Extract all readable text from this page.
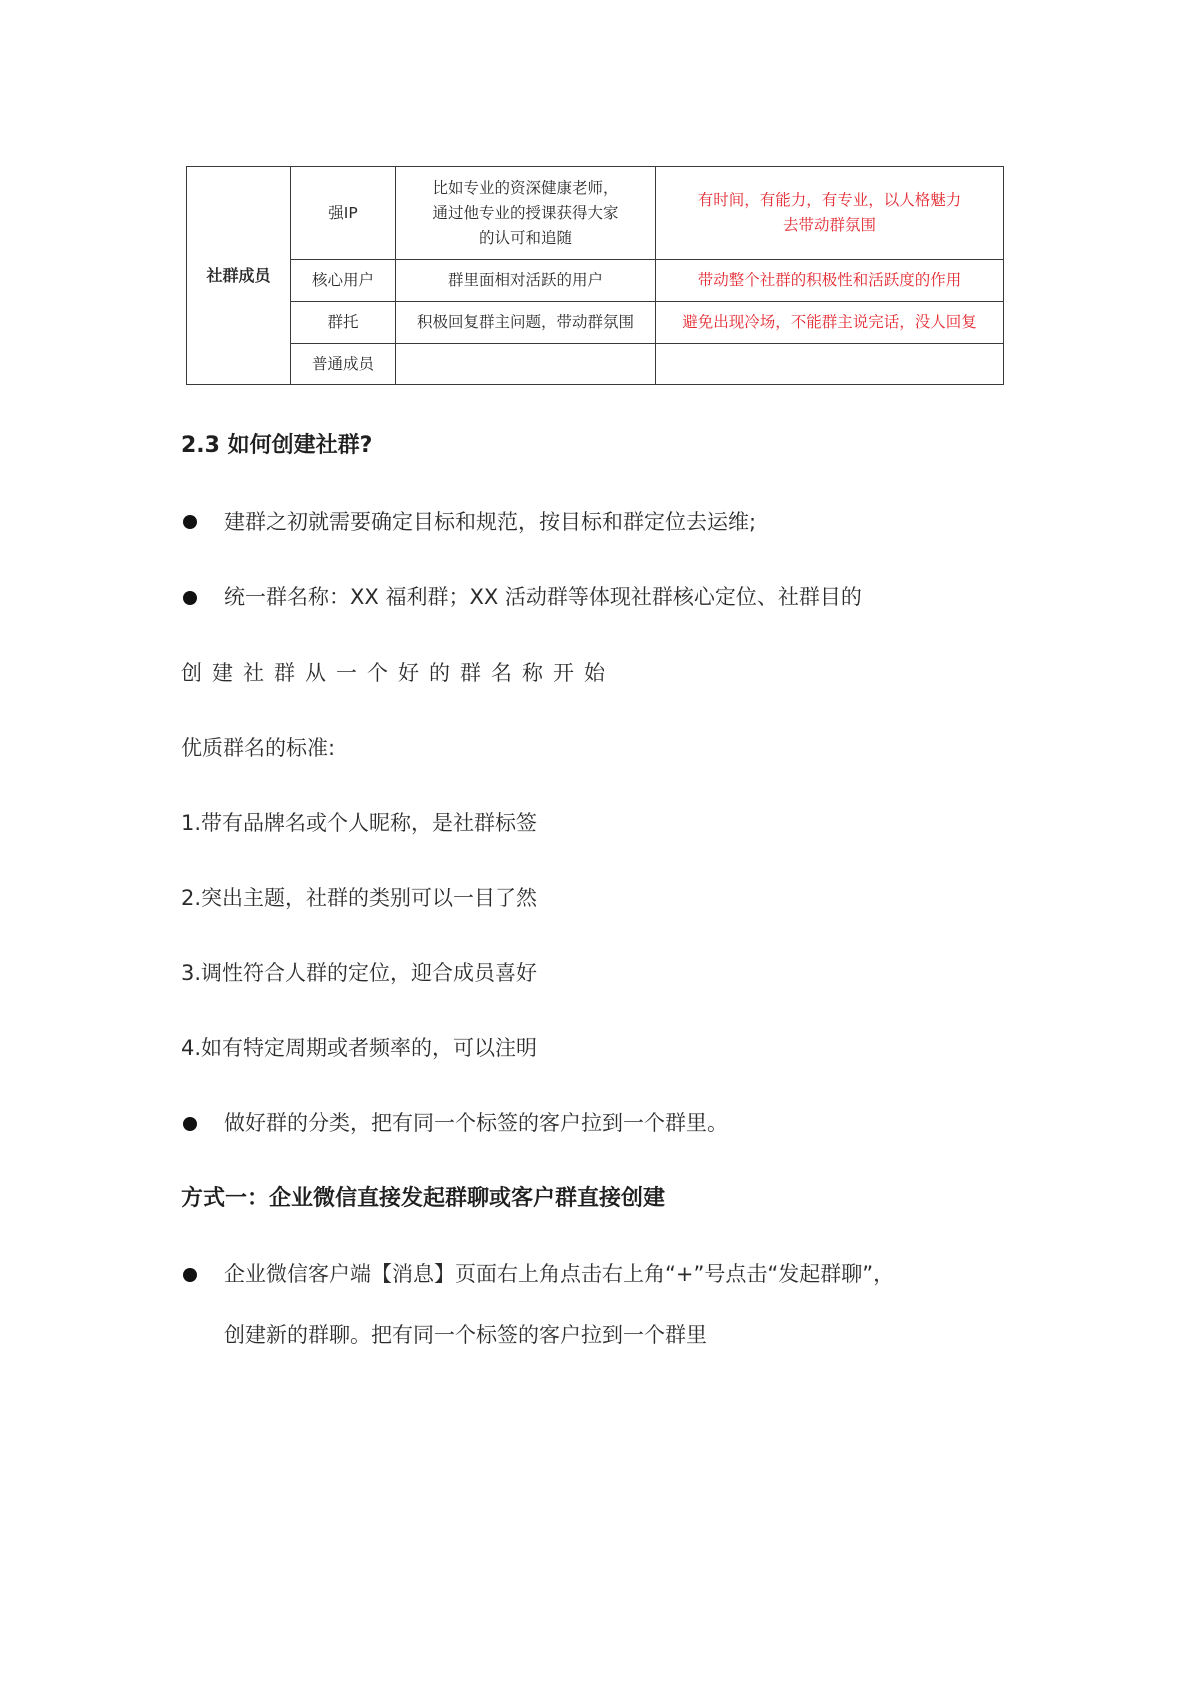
社群成员	强IP	比如专业的资深健康老师，
通过他专业的授课获得大家
的认可和追随	有时间，有能力，有专业，以人格魅力
去带动群氛围
	核心用户	群里面相对活跃的用户	带动整个社群的积极性和活跃度的作用
	群托	积极回复群主问题，带动群氛围	避免出现冷场，不能群主说完话，没人回复
	普通成员		
2.3 如何创建社群?
建群之初就需要确定目标和规范，按目标和群定位去运维;
统一群名称：XX 福利群；XX 活动群等体现社群核心定位、社群目的
创建社群从一个好的群名称开始
优质群名的标准:
1.带有品牌名或个人昵称，是社群标签
2.突出主题，社群的类别可以一目了然
3.调性符合人群的定位，迎合成员喜好
4.如有特定周期或者频率的，可以注明
做好群的分类，把有同一个标签的客户拉到一个群里。
方式一：企业微信直接发起群聊或客户群直接创建
企业微信客户端【消息】页面右上角点击右上角“+”号点击“发起群聊”，
创建新的群聊。把有同一个标签的客户拉到一个群里
